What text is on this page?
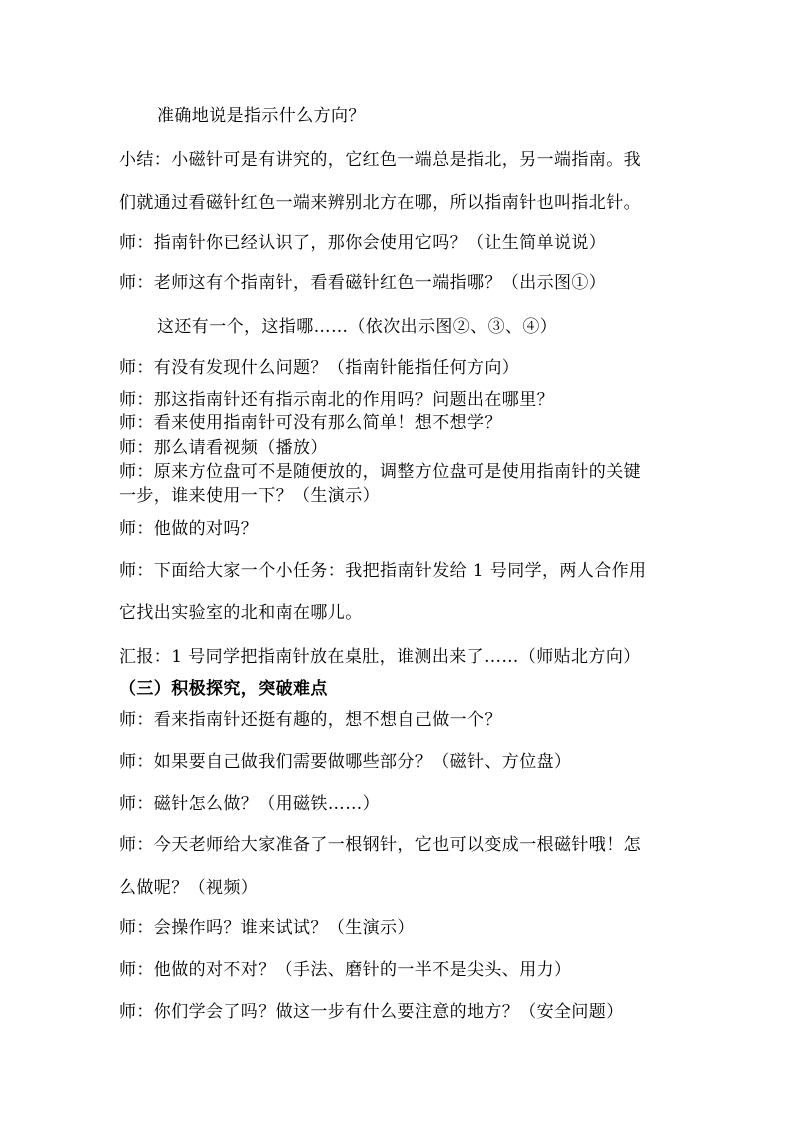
准确地说是指示什么方向？
小结：小磁针可是有讲究的，它红色一端总是指北，另一端指南。我
们就通过看磁针红色一端来辨别北方在哪，所以指南针也叫指北针。
师：指南针你已经认识了，那你会使用它吗？（让生简单说说）
师：老师这有个指南针，看看磁针红色一端指哪？（出示图①）
这还有一个，这指哪……（依次出示图②、③、④）
师：有没有发现什么问题？（指南针能指任何方向）
师：那这指南针还有指示南北的作用吗？问题出在哪里？
师：看来使用指南针可没有那么简单！想不想学？
师：那么请看视频（播放）
师：原来方位盘可不是随便放的，调整方位盘可是使用指南针的关键
一步，谁来使用一下？（生演示）
师：他做的对吗？
师：下面给大家一个小任务：我把指南针发给 1 号同学，两人合作用
它找出实验室的北和南在哪儿。
汇报：1 号同学把指南针放在桌肚，谁测出来了……（师贴北方向）
（三）积极探究，突破难点
师：看来指南针还挺有趣的，想不想自己做一个？
师：如果要自己做我们需要做哪些部分？（磁针、方位盘）
师：磁针怎么做？（用磁铁……）
师：今天老师给大家准备了一根钢针，它也可以变成一根磁针哦！怎
么做呢？（视频）
师：会操作吗？谁来试试？（生演示）
师：他做的对不对？（手法、磨针的一半不是尖头、用力）
师：你们学会了吗？做这一步有什么要注意的地方？（安全问题）
